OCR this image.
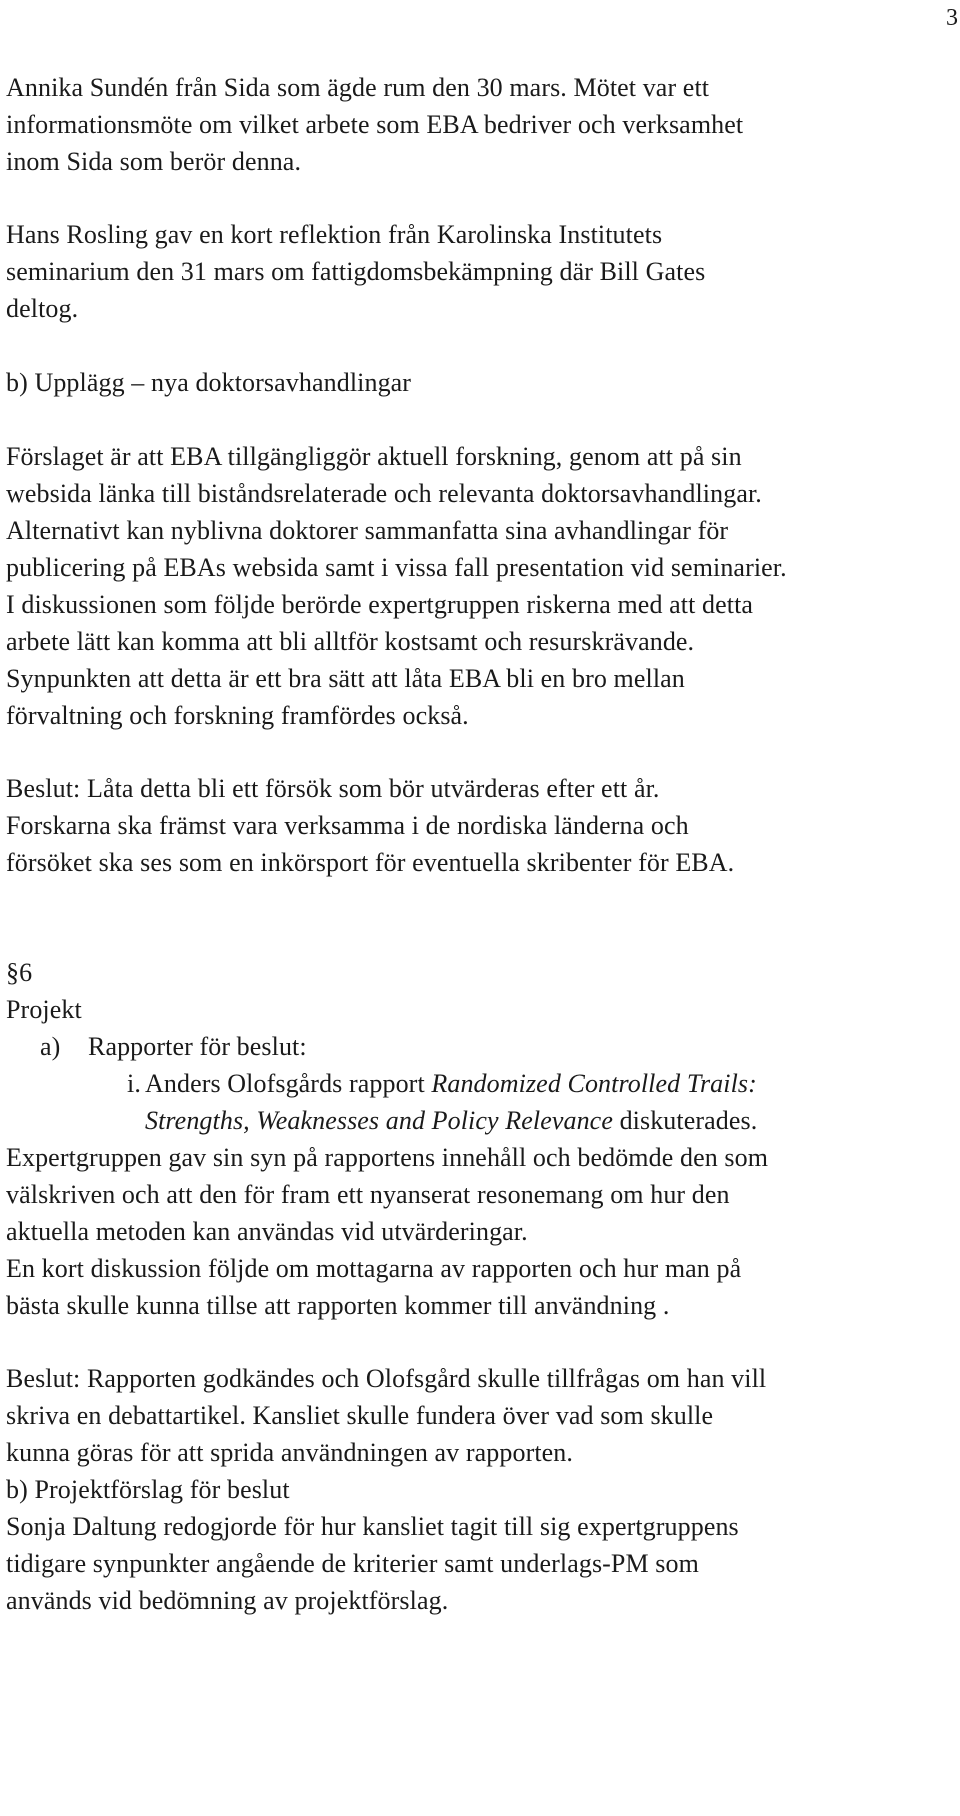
3
Annika Sundén från Sida som ägde rum den 30 mars. Mötet var ett
informationsmöte om vilket arbete som EBA bedriver och verksamhet
inom Sida som berör denna.
Hans Rosling gav en kort reflektion från Karolinska Institutets
seminarium den 31 mars om fattigdomsbekämpning där Bill Gates
deltog.
b) Upplägg – nya doktorsavhandlingar
Förslaget är att EBA tillgängliggör aktuell forskning, genom att på sin
websida länka till biståndsrelaterade och relevanta doktorsavhandlingar.
Alternativt kan nyblivna doktorer sammanfatta sina avhandlingar för
publicering på EBAs websida samt i vissa fall presentation vid seminarier.
I diskussionen som följde berörde expertgruppen riskerna med att detta
arbete lätt kan komma att bli alltför kostsamt och resurskrävande.
Synpunkten att detta är ett bra sätt att låta EBA bli en bro mellan
förvaltning och forskning framfördes också.
Beslut: Låta detta bli ett försök som bör utvärderas efter ett år.
Forskarna ska främst vara verksamma i de nordiska länderna och
försöket ska ses som en inkörsport för eventuella skribenter för EBA.
§6
Projekt
a) Rapporter för beslut:
i. Anders Olofsgårds rapport Randomized Controlled Trails:
Strengths, Weaknesses and Policy Relevance diskuterades.
Expertgruppen gav sin syn på rapportens innehåll och bedömde den som
välskriven och att den för fram ett nyanserat resonemang om hur den
aktuella metoden kan användas vid utvärderingar.
En kort diskussion följde om mottagarna av rapporten och hur man på
bästa skulle kunna tillse att rapporten kommer till användning .
Beslut: Rapporten godkändes och Olofsgård skulle tillfrågas om han vill
skriva en debattartikel. Kansliet skulle fundera över vad som skulle
kunna göras för att sprida användningen av rapporten.
b) Projektförslag för beslut
Sonja Daltung redogjorde för hur kansliet tagit till sig expertgruppens
tidigare synpunkter angående de kriterier samt underlags-PM som
används vid bedömning av projektförslag.
